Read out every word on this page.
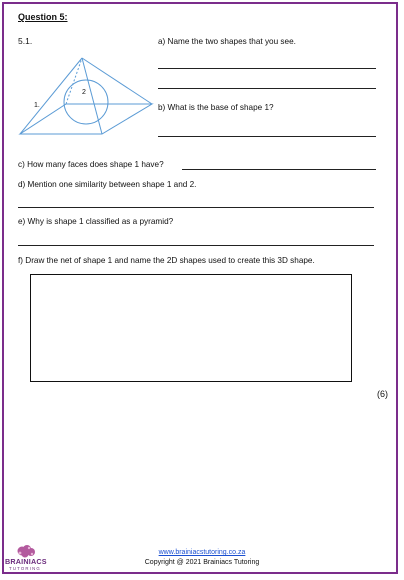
Question 5:
5.1.
1.
2
a) Name the two shapes that you see.
b) What is the base of shape 1?
c) How many faces does shape 1 have?
d) Mention one similarity between shape 1 and 2.
e) Why is shape 1 classified as a pyramid?
f) Draw the net of shape 1 and name the 2D shapes used to create this 3D shape.
(6)
BRAINIACS
TUTORING
www.brainiacstutoring.co.za
Copyright @ 2021 Brainiacs Tutoring
